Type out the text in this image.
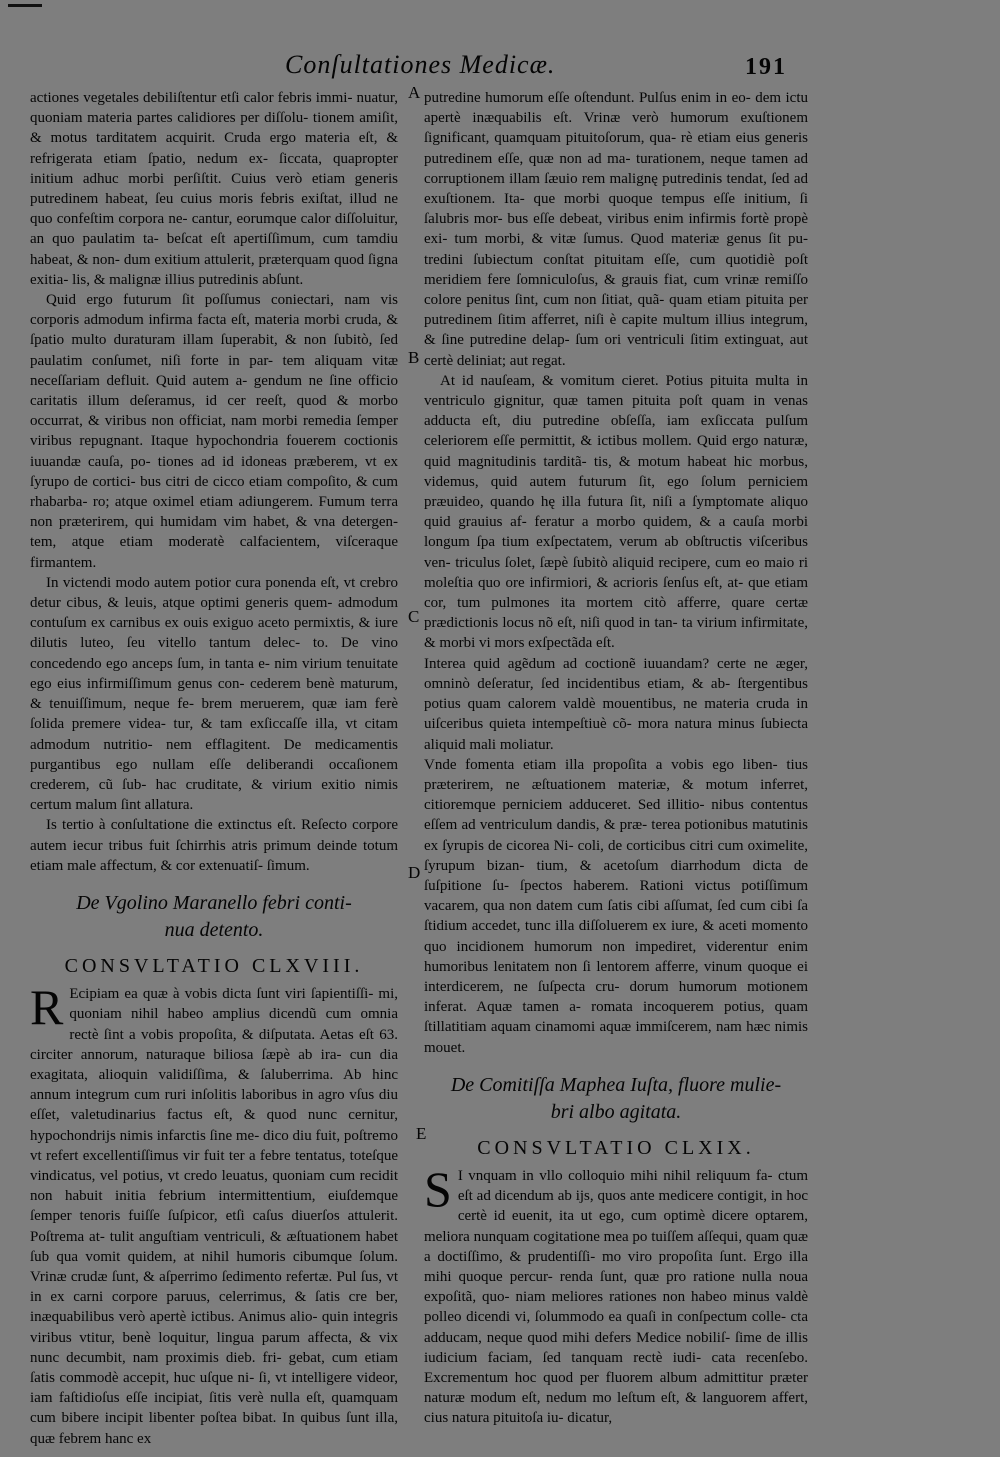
Conſultationes Medicæ.	191
A
B
C
D
E

actiones vegetales debiliſtentur etſi calor febris immi- nuatur, quoniam materia partes calidiores per diſſolu- tionem amiſit, & motus tarditatem acquirit. Cruda ergo materia eſt, & refrigerata etiam ſpatio, nedum ex- ſiccata, quapropter initium adhuc morbi perſiſtit. Cuius verò etiam generis putredinem habeat, ſeu cuius moris febris exiſtat, illud ne quo confeſtim corpora ne- cantur, eorumque calor diſſoluitur, an quo paulatim ta- beſcat eſt apertiſſimum, cum tamdiu habeat, & non- dum exitium attulerit, præterquam quod ſigna exitia- lis, & malignæ illius putredinis abſunt.

Quid ergo futurum ſit poſſumus coniectari, nam vis corporis admodum infirma facta eſt, materia morbi cruda, & ſpatio multo duraturam illam ſuperabit, & non ſubitò, ſed paulatim conſumet, niſi forte in par- tem aliquam vitæ neceſſariam defluit. Quid autem a- gendum ne ſine officio caritatis illum deſeramus, id cer reeſt, quod & morbo occurrat, & viribus non officiat, nam morbi remedia ſemper viribus repugnant. Itaque hypochondria fouerem coctionis iuuandæ cauſa, po- tiones ad id idoneas præberem, vt ex ſyrupo de cortici- bus citri de cicco etiam compoſito, & cum rhabarba- ro; atque oximel etiam adiungerem. Fumum terra non præterirem, qui humidam vim habet, & vna detergen- tem, atque etiam moderatè calfacientem, viſceraque firmantem.

In victendi modo autem potior cura ponenda eſt, vt crebro detur cibus, & leuis, atque optimi generis quem- admodum contuſum ex carnibus ex ouis exiguo aceto permixtis, & iure dilutis luteo, ſeu vitello tantum delec- to. De vino concedendo ego anceps ſum, in tanta e- nim virium tenuitate ego eius infirmiſſimum genus con- cederem benè maturum, & tenuiſſimum, neque fe- brem meruerem, quæ iam ferè ſolida premere videa- tur, & tam exſiccaſſe illa, vt citam admodum nutritio- nem efflagitent. De medicamentis purgantibus ego nullam eſſe deliberandi occaſionem crederem, cũ ſub- hac cruditate, & virium exitio nimis certum malum ſint allatura.

Is tertio à conſultatione die extinctus eſt. Reſecto corpore autem iecur tribus fuit ſchirrhis atris primum deinde totum etiam male affectum, & cor extenuatiſ- ſimum.

De Vgolino Maranello febri conti-
nua detento.
CONSVLTATIO CLXVIII.

R Ecipiam ea quæ à vobis dicta ſunt viri ſapientiſſi- mi, quoniam nihil habeo amplius dicendũ cum omnia rectè ſint a vobis propoſita, & diſputata. Aetas eſt 63. circiter annorum, naturaque biliosa ſæpè ab ira- cun dia exagitata, alioquin validiſſima, & ſaluberrima. Ab hinc annum integrum cum ruri inſolitis laboribus in agro vſus diu eſſet, valetudinarius factus eſt, & quod nunc cernitur, hypochondrijs nimis infarctis ſine me- dico diu fuit, poſtremo vt refert excellentiſſimus vir fuit ter a febre tentatus, toteſque vindicatus, vel potius, vt credo leuatus, quoniam cum recidit non habuit initia febrium intermittentium, eiuſdemque ſemper tenoris fuiſſe ſuſpicor, etſi caſus diuerſos attulerit. Poſtrema at- tulit anguſtiam ventriculi, & æſtuationem habet ſub qua vomit quidem, at nihil humoris cibumque ſolum. Vrinæ crudæ ſunt, & aſperrimo ſedimento refertæ. Pul ſus, vt in ex carni corpore paruus, celerrimus, & ſatis cre ber, inæquabilibus verò apertè ictibus. Animus alio- quin integris viribus vtitur, benè loquitur, lingua parum affecta, & vix nunc decumbit, nam proximis dieb. fri- gebat, cum etiam ſatis commodè accepit, huc uſque ni- ſi, vt intelligere videor, iam faſtidioſus eſſe incipiat, ſitis verè nulla eſt, quamquam cum bibere incipit libenter poſtea bibat. In quibus ſunt illa, quæ febrem hanc ex

putredine humorum eſſe oſtendunt. Pulſus enim in eo- dem ictu apertè inæquabilis eſt. Vrinæ verò humorum exuſtionem ſignificant, quamquam pituitoſorum, qua- rè etiam eius generis putredinem eſſe, quæ non ad ma- turationem, neque tamen ad corruptionem illam ſæuio rem malignę putredinis tendat, ſed ad exuſtionem. Ita- que morbi quoque tempus eſſe initium, ſi ſalubris mor- bus eſſe debeat, viribus enim infirmis fortè propè exi- tum morbi, & vitæ ſumus. Quod materiæ genus ſit pu- tredini ſubiectum conſtat pituitam eſſe, cum quotidiè poſt meridiem fere ſomniculoſus, & grauis fiat, cum vrinæ remiſſo colore penitus ſint, cum non ſitiat, quã- quam etiam pituita per putredinem ſitim afferret, niſi è capite multum illius integrum, & ſine putredine delap- ſum ori ventriculi ſitim extinguat, aut certè deliniat; aut regat.

At id nauſeam, & vomitum cieret. Potius pituita multa in ventriculo gignitur, quæ tamen pituita poſt quam in venas adducta eſt, diu putredine obſeſſa, iam exſiccata pulſum celeriorem eſſe permittit, & ictibus mollem. Quid ergo naturæ, quid magnitudinis tarditã- tis, & motum habeat hic morbus, videmus, quid autem futurum ſit, ego ſolum perniciem præuideo, quando hę illa futura ſit, niſi a ſymptomate aliquo quid grauius af- feratur a morbo quidem, & a cauſa morbi longum ſpa tium exſpectatem, verum ab obſtructis viſceribus ven- triculus ſolet, ſæpè ſubitò aliquid recipere, cum eo maio ri moleſtia quo ore infirmiori, & acrioris ſenſus eſt, at- que etiam cor, tum pulmones ita mortem citò afferre, quare certæ prædictionis locus nõ eſt, niſi quod in tan- ta virium infirmitate, & morbi vi mors exſpectãda eſt.

Interea quid agẽdum ad coctionẽ iuuandam? certe ne æger, omninò deſeratur, ſed incidentibus etiam, & ab- ſtergentibus potius quam calorem valdè mouentibus, ne materia cruda in uiſceribus quieta intempeſtiuè cõ- mora natura minus ſubiecta aliquid mali moliatur.

Vnde fomenta etiam illa propoſita a vobis ego liben- tius præterirem, ne æſtuationem materiæ, & motum inferret, citioremque perniciem adduceret. Sed illitio- nibus contentus eſſem ad ventriculum dandis, & præ- terea potionibus matutinis ex ſyrupis de cicorea Ni- coli, de corticibus citri cum oximelite, ſyrupum bizan- tium, & acetoſum diarrhodum dicta de ſuſpitione ſu- ſpectos haberem. Rationi victus potiſſimum vacarem, qua non datem cum ſatis cibi aſſumat, ſed cum cibi ſa ſtidium accedet, tunc illa diſſoluerem ex iure, & aceti momento quo incidionem humorum non impediret, viderentur enim humoribus lenitatem non ſi lentorem afferre, vinum quoque ei interdicerem, ne ſuſpecta cru- dorum humorum motionem inferat. Aquæ tamen a- romata incoquerem potius, quam ſtillatitiam aquam cinamomi aquæ immiſcerem, nam hæc nimis mouet.

De Comitiſſa Maphea Iuſta, fluore mulie-
bri albo agitata.
CONSVLTATIO CLXIX.

S I vnquam in vllo colloquio mihi nihil reliquum fa- ctum eſt ad dicendum ab ijs, quos ante medicere contigit, in hoc certè id euenit, ita ut ego, cum optimè dicere optarem, meliora nunquam cogitatione mea po tuiſſem aſſequi, quam quæ a doctiſſimo, & prudentiſſi- mo viro propoſita ſunt. Ergo illa mihi quoque percur- renda ſunt, quæ pro ratione nulla noua expoſitã, quo- niam meliores rationes non habeo minus valdè polleo dicendi vi, ſolummodo ea quaſi in conſpectum colle- cta adducam, neque quod mihi defers Medice nobiliſ- ſime de illis iudicium faciam, ſed tanquam rectè iudi- cata recenſebo. Excrementum hoc quod per fluorem album admittitur præter naturæ modum eſt, nedum mo leſtum eſt, & languorem affert, cius natura pituitoſa iu- dicatur,
